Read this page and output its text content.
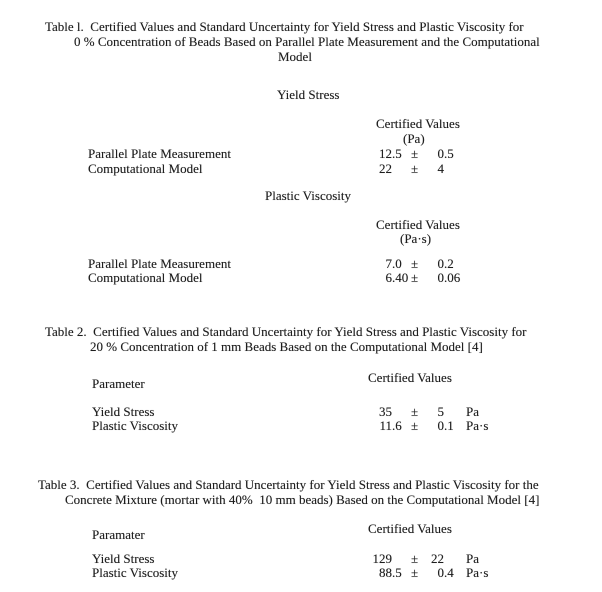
Table l.  Certified Values and Standard Uncertainty for Yield Stress and Plastic Viscosity for
0 % Concentration of Beads Based on Parallel Plate Measurement and the Computational
Model
Yield Stress
Certified Values
(Pa)
Parallel Plate Measurement	12.5 ±	0.5
Computational Model	22 ±	4
Plastic Viscosity
Certified Values
(Pa·s)
Parallel Plate Measurement	7.0 ±	0.2
Computational Model	6.40 ±	0.06
Table 2.  Certified Values and Standard Uncertainty for Yield Stress and Plastic Viscosity for
20 % Concentration of 1 mm Beads Based on the Computational Model [4]
Parameter	Certified Values
Yield Stress	35 ±	5 Pa
Plastic Viscosity	11.6 ±	0.1 Pa·s
Table 3.  Certified Values and Standard Uncertainty for Yield Stress and Plastic Viscosity for the
Concrete Mixture (mortar with 40%  10 mm beads) Based on the Computational Model [4]
Paramater	Certified Values
Yield Stress	129 ± 22 Pa
Plastic Viscosity	88.5 ±	0.4 Pa·s
